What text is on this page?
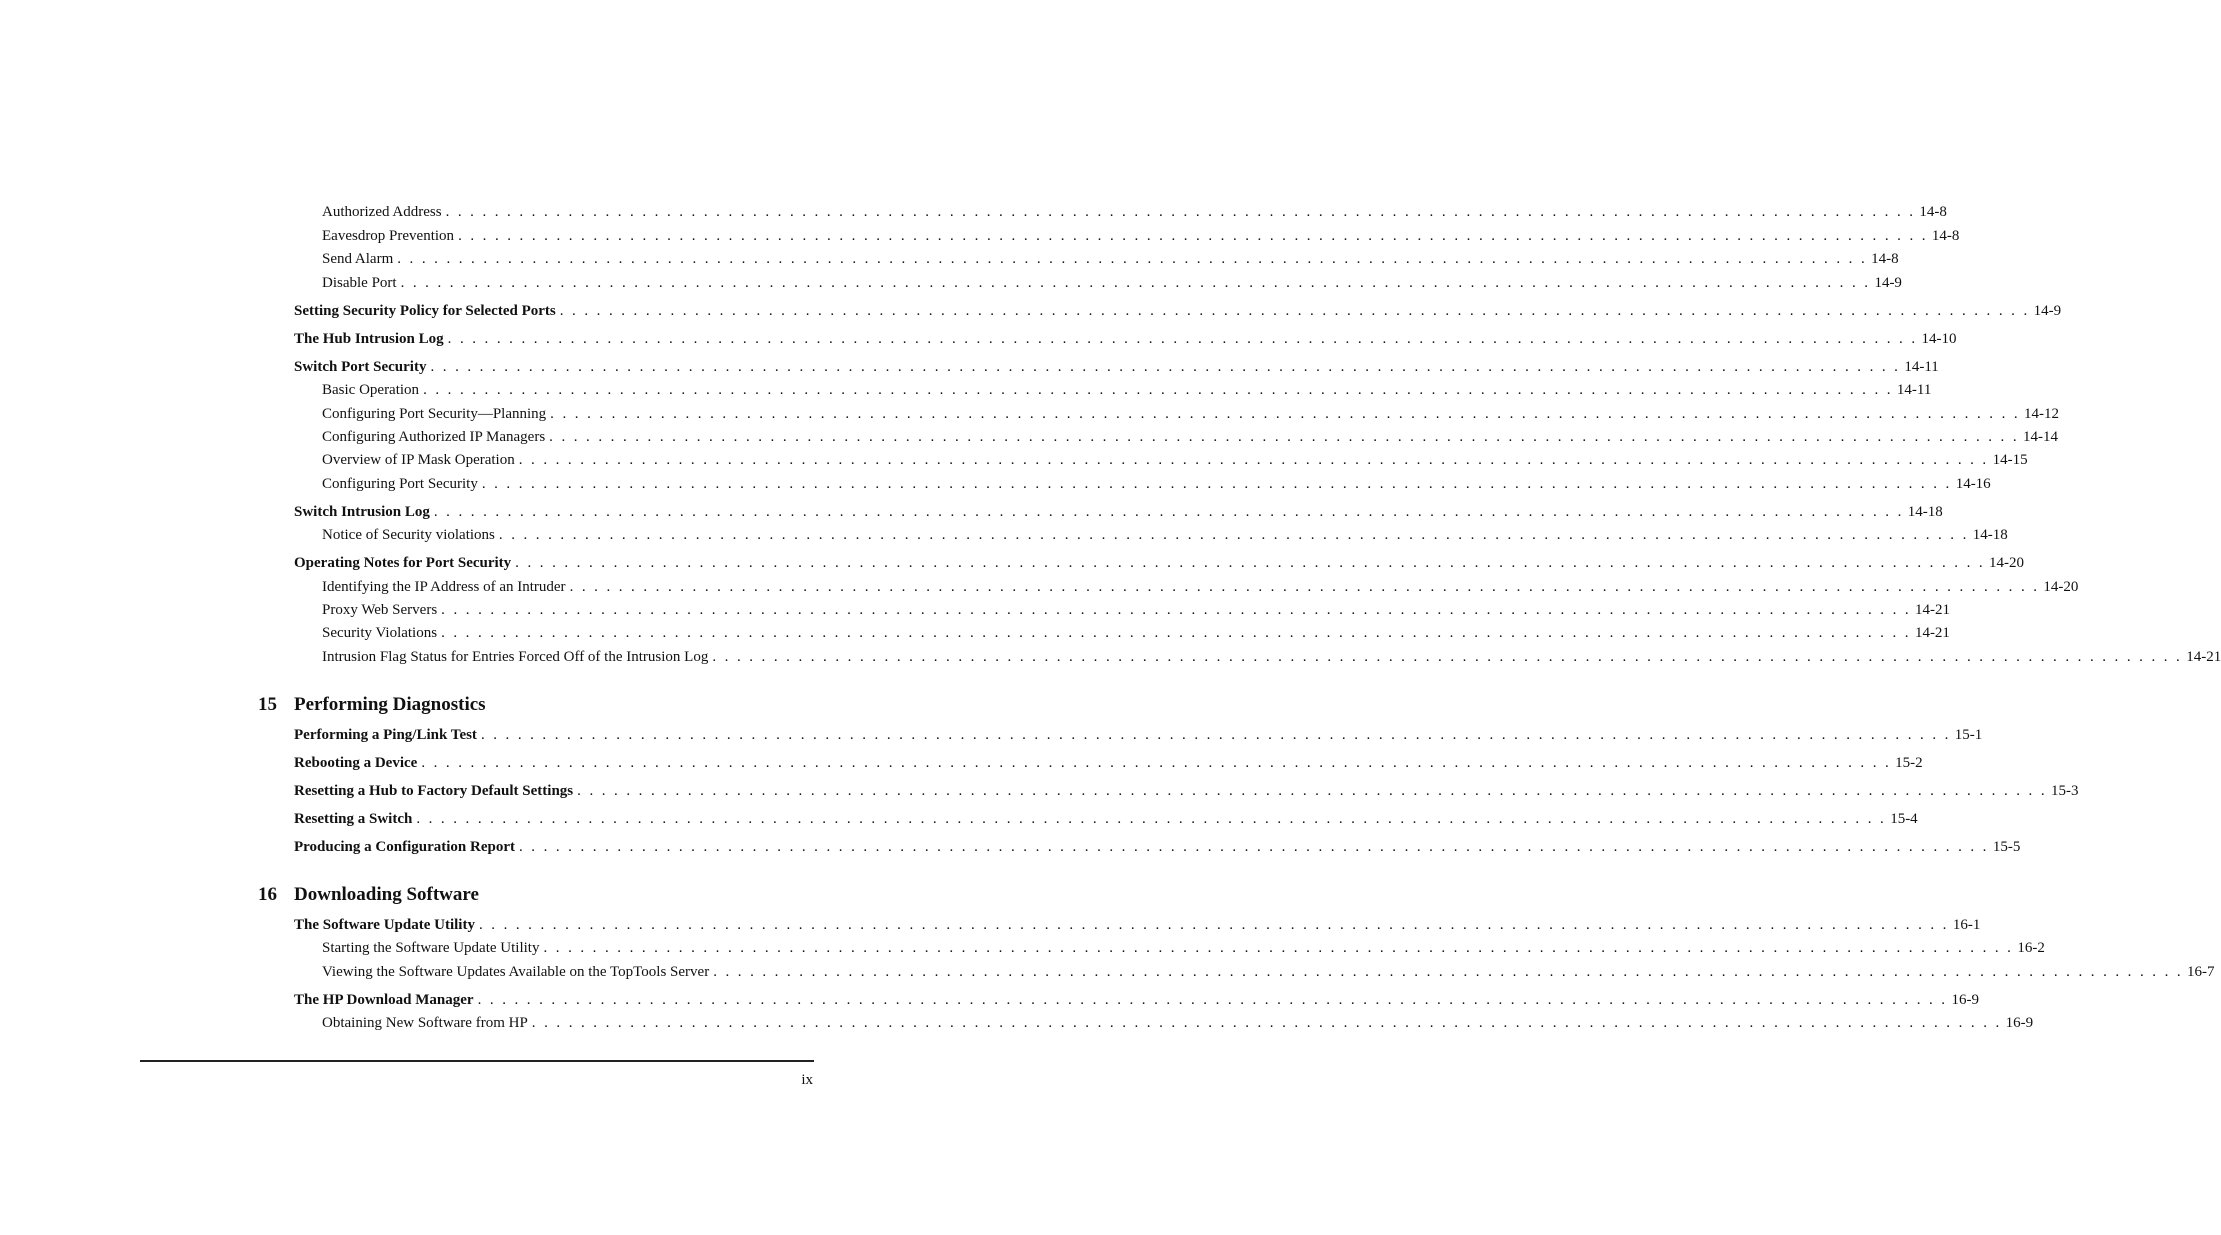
Authorized Address . . . . . . . . . . . . . . . . . . . . . . . . . . . . . . . . . . . . . . . . . . . . . . . . . . . . . . . . . . . . . . . . . . . . . . . . . . . . . . . . . . . . . . . . . . . . . . . . . . . . . . . . . . . . . . . . . . . . . . . . 14-8
Eavesdrop Prevention . . . . . . . . . . . . . . . . . . . . . . . . . . . . . . . . . . . . . . . . . . . . . . . . . . . . . . . . . . . . . . . . . . . . . . . . . . . . . . . . . . . . . . . . . . . . . . . . . . . . . . . . . . . . . . . . . . . . . . . . 14-8
Send Alarm . . . . . . . . . . . . . . . . . . . . . . . . . . . . . . . . . . . . . . . . . . . . . . . . . . . . . . . . . . . . . . . . . . . . . . . . . . . . . . . . . . . . . . . . . . . . . . . . . . . . . . . . . . . . . . . . . . . . . . . . 14-8
Disable Port . . . . . . . . . . . . . . . . . . . . . . . . . . . . . . . . . . . . . . . . . . . . . . . . . . . . . . . . . . . . . . . . . . . . . . . . . . . . . . . . . . . . . . . . . . . . . . . . . . . . . . . . . . . . . . . . . . . . . . . . 14-9
Setting Security Policy for Selected Ports . . . . . . . . . . . . . . . . . . . . . . . . . . . . . . . . . . . . . . . . . . . . . . . . . . . . . . . . . . . . . . . . . . . . . . . . . . . . . . . . . . . . . . . . . . . . . . . . . . . . . . . . . . . . . . . . . . . . . . . . 14-9
The Hub Intrusion Log . . . . . . . . . . . . . . . . . . . . . . . . . . . . . . . . . . . . . . . . . . . . . . . . . . . . . . . . . . . . . . . . . . . . . . . . . . . . . . . . . . . . . . . . . . . . . . . . . . . . . . . . . . . . . . . . . . . . . . . . 14-10
Switch Port Security . . . . . . . . . . . . . . . . . . . . . . . . . . . . . . . . . . . . . . . . . . . . . . . . . . . . . . . . . . . . . . . . . . . . . . . . . . . . . . . . . . . . . . . . . . . . . . . . . . . . . . . . . . . . . . . . . . . . . . . . 14-11
Basic Operation . . . . . . . . . . . . . . . . . . . . . . . . . . . . . . . . . . . . . . . . . . . . . . . . . . . . . . . . . . . . . . . . . . . . . . . . . . . . . . . . . . . . . . . . . . . . . . . . . . . . . . . . . . . . . . . . . . . . . . . . 14-11
Configuring Port Security—Planning . . . . . . . . . . . . . . . . . . . . . . . . . . . . . . . . . . . . . . . . . . . . . . . . . . . . . . . . . . . . . . . . . . . . . . . . . . . . . . . . . . . . . . . . . . . . . . . . . . . . . . . . . . . . . . . . . . . . . . . . 14-12
Configuring Authorized IP Managers . . . . . . . . . . . . . . . . . . . . . . . . . . . . . . . . . . . . . . . . . . . . . . . . . . . . . . . . . . . . . . . . . . . . . . . . . . . . . . . . . . . . . . . . . . . . . . . . . . . . . . . . . . . . . . . . . . . . . . . . 14-14
Overview of IP Mask Operation . . . . . . . . . . . . . . . . . . . . . . . . . . . . . . . . . . . . . . . . . . . . . . . . . . . . . . . . . . . . . . . . . . . . . . . . . . . . . . . . . . . . . . . . . . . . . . . . . . . . . . . . . . . . . . . . . . . . . . . . 14-15
Configuring Port Security . . . . . . . . . . . . . . . . . . . . . . . . . . . . . . . . . . . . . . . . . . . . . . . . . . . . . . . . . . . . . . . . . . . . . . . . . . . . . . . . . . . . . . . . . . . . . . . . . . . . . . . . . . . . . . . . . . . . . . . . 14-16
Switch Intrusion Log . . . . . . . . . . . . . . . . . . . . . . . . . . . . . . . . . . . . . . . . . . . . . . . . . . . . . . . . . . . . . . . . . . . . . . . . . . . . . . . . . . . . . . . . . . . . . . . . . . . . . . . . . . . . . . . . . . . . . . . . 14-18
Notice of Security violations . . . . . . . . . . . . . . . . . . . . . . . . . . . . . . . . . . . . . . . . . . . . . . . . . . . . . . . . . . . . . . . . . . . . . . . . . . . . . . . . . . . . . . . . . . . . . . . . . . . . . . . . . . . . . . . . . . . . . . . . 14-18
Operating Notes for Port Security . . . . . . . . . . . . . . . . . . . . . . . . . . . . . . . . . . . . . . . . . . . . . . . . . . . . . . . . . . . . . . . . . . . . . . . . . . . . . . . . . . . . . . . . . . . . . . . . . . . . . . . . . . . . . . . . . . . . . . . . 14-20
Identifying the IP Address of an Intruder . . . . . . . . . . . . . . . . . . . . . . . . . . . . . . . . . . . . . . . . . . . . . . . . . . . . . . . . . . . . . . . . . . . . . . . . . . . . . . . . . . . . . . . . . . . . . . . . . . . . . . . . . . . . . . . . . . . . . . . . 14-20
Proxy Web Servers . . . . . . . . . . . . . . . . . . . . . . . . . . . . . . . . . . . . . . . . . . . . . . . . . . . . . . . . . . . . . . . . . . . . . . . . . . . . . . . . . . . . . . . . . . . . . . . . . . . . . . . . . . . . . . . . . . . . . . . . 14-21
Security Violations . . . . . . . . . . . . . . . . . . . . . . . . . . . . . . . . . . . . . . . . . . . . . . . . . . . . . . . . . . . . . . . . . . . . . . . . . . . . . . . . . . . . . . . . . . . . . . . . . . . . . . . . . . . . . . . . . . . . . . . . 14-21
Intrusion Flag Status for Entries Forced Off of the Intrusion Log . . . . . . . . . . . . . . . . . . . . . . . . . . . . . . . . . . . . . . . . . . . . . . . . . . . . . . . . . . . . . . . . . . . . . . . . . . . . . . . . . . . . . . . . . . . . . . . . . . . . . . . . . . . . . . . . . . . . . . . . 14-21
Performing a Ping/Link Test . . . . . . . . . . . . . . . . . . . . . . . . . . . . . . . . . . . . . . . . . . . . . . . . . . . . . . . . . . . . . . . . . . . . . . . . . . . . . . . . . . . . . . . . . . . . . . . . . . . . . . . . . . . . . . . . . . . . . . . . 15-1
Rebooting a Device . . . . . . . . . . . . . . . . . . . . . . . . . . . . . . . . . . . . . . . . . . . . . . . . . . . . . . . . . . . . . . . . . . . . . . . . . . . . . . . . . . . . . . . . . . . . . . . . . . . . . . . . . . . . . . . . . . . . . . . . 15-2
Resetting a Hub to Factory Default Settings . . . . . . . . . . . . . . . . . . . . . . . . . . . . . . . . . . . . . . . . . . . . . . . . . . . . . . . . . . . . . . . . . . . . . . . . . . . . . . . . . . . . . . . . . . . . . . . . . . . . . . . . . . . . . . . . . . . . . . . . 15-3
Resetting a Switch . . . . . . . . . . . . . . . . . . . . . . . . . . . . . . . . . . . . . . . . . . . . . . . . . . . . . . . . . . . . . . . . . . . . . . . . . . . . . . . . . . . . . . . . . . . . . . . . . . . . . . . . . . . . . . . . . . . . . . . . 15-4
Producing a Configuration Report . . . . . . . . . . . . . . . . . . . . . . . . . . . . . . . . . . . . . . . . . . . . . . . . . . . . . . . . . . . . . . . . . . . . . . . . . . . . . . . . . . . . . . . . . . . . . . . . . . . . . . . . . . . . . . . . . . . . . . . . 15-5
The Software Update Utility . . . . . . . . . . . . . . . . . . . . . . . . . . . . . . . . . . . . . . . . . . . . . . . . . . . . . . . . . . . . . . . . . . . . . . . . . . . . . . . . . . . . . . . . . . . . . . . . . . . . . . . . . . . . . . . . . . . . . . . . 16-1
Starting the Software Update Utility . . . . . . . . . . . . . . . . . . . . . . . . . . . . . . . . . . . . . . . . . . . . . . . . . . . . . . . . . . . . . . . . . . . . . . . . . . . . . . . . . . . . . . . . . . . . . . . . . . . . . . . . . . . . . . . . . . . . . . . . 16-2
Viewing the Software Updates Available on the TopTools Server . . . . . . . . . . . . . . . . . . . . . . . . . . . . . . . . . . . . . . . . . . . . . . . . . . . . . . . . . . . . . . . . . . . . . . . . . . . . . . . . . . . . . . . . . . . . . . . . . . . . . . . . . . . . . . . . . . . . . . . . 16-7
The HP Download Manager . . . . . . . . . . . . . . . . . . . . . . . . . . . . . . . . . . . . . . . . . . . . . . . . . . . . . . . . . . . . . . . . . . . . . . . . . . . . . . . . . . . . . . . . . . . . . . . . . . . . . . . . . . . . . . . . . . . . . . . . 16-9
Obtaining New Software from HP . . . . . . . . . . . . . . . . . . . . . . . . . . . . . . . . . . . . . . . . . . . . . . . . . . . . . . . . . . . . . . . . . . . . . . . . . . . . . . . . . . . . . . . . . . . . . . . . . . . . . . . . . . . . . . . . . . . . . . . . 16-9
15 Performing Diagnostics
16 Downloading Software
ix
